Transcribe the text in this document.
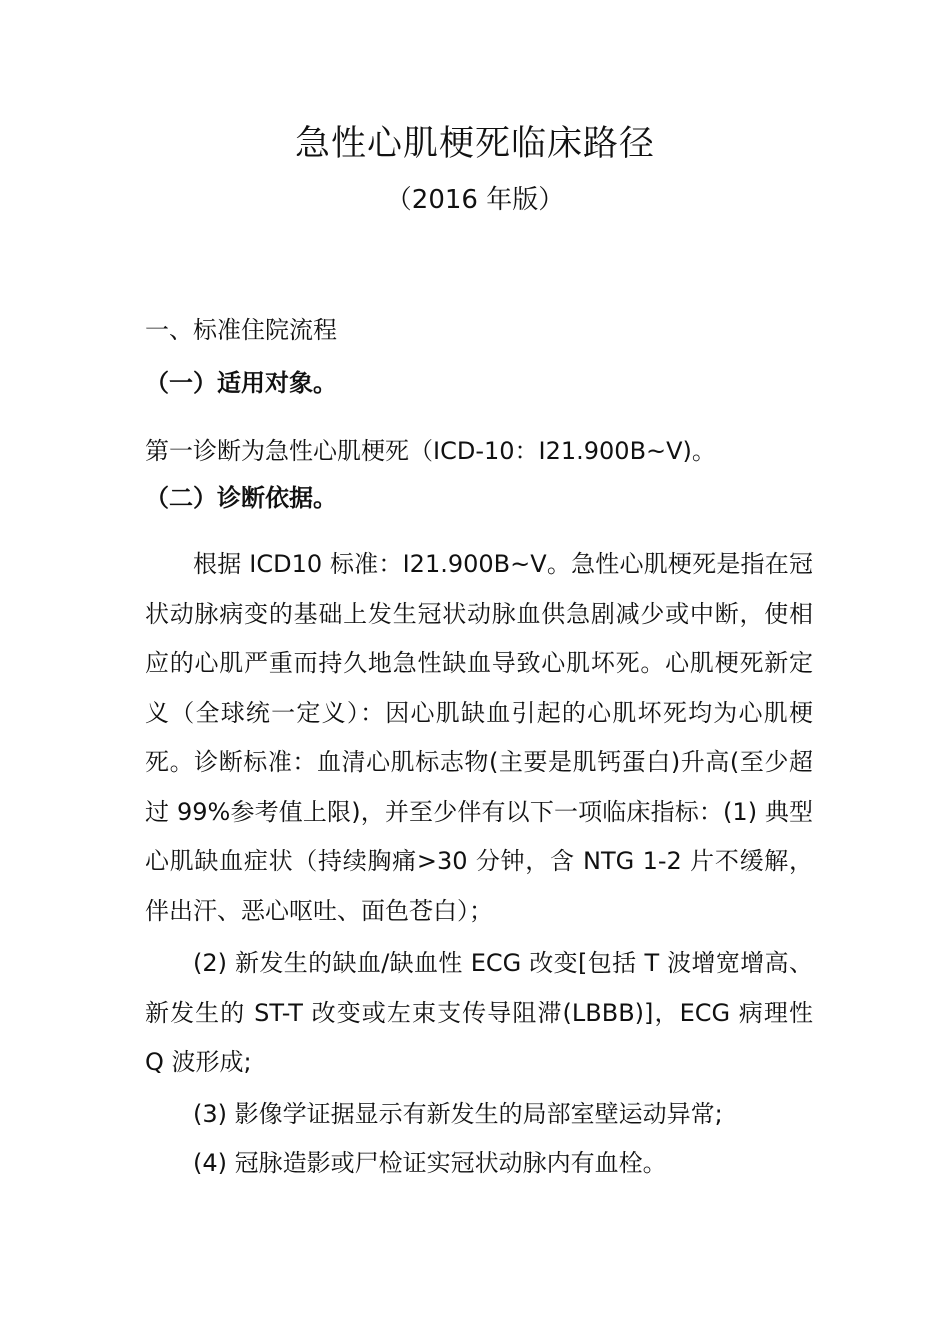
急性心肌梗死临床路径
（2016 年版）
一、标准住院流程
（一）适用对象。
第一诊断为急性心肌梗死（ICD-10：I21.900B~V)。
（二）诊断依据。
根据 ICD10 标准：I21.900B~V。急性心肌梗死是指在冠状动脉病变的基础上发生冠状动脉血供急剧减少或中断，使相应的心肌严重而持久地急性缺血导致心肌坏死。心肌梗死新定义（全球统一定义）：因心肌缺血引起的心肌坏死均为心肌梗死。诊断标准：血清心肌标志物(主要是肌钙蛋白)升高(至少超过 99%参考值上限)，并至少伴有以下一项临床指标：(1) 典型心肌缺血症状（持续胸痛>30 分钟，含 NTG 1-2 片不缓解，伴出汗、恶心呕吐、面色苍白）；
(2) 新发生的缺血/缺血性 ECG 改变[包括 T 波增宽增高、新发生的 ST-T 改变或左束支传导阻滞(LBBB)]，ECG 病理性 Q 波形成;
(3) 影像学证据显示有新发生的局部室壁运动异常;
(4) 冠脉造影或尸检证实冠状动脉内有血栓。
